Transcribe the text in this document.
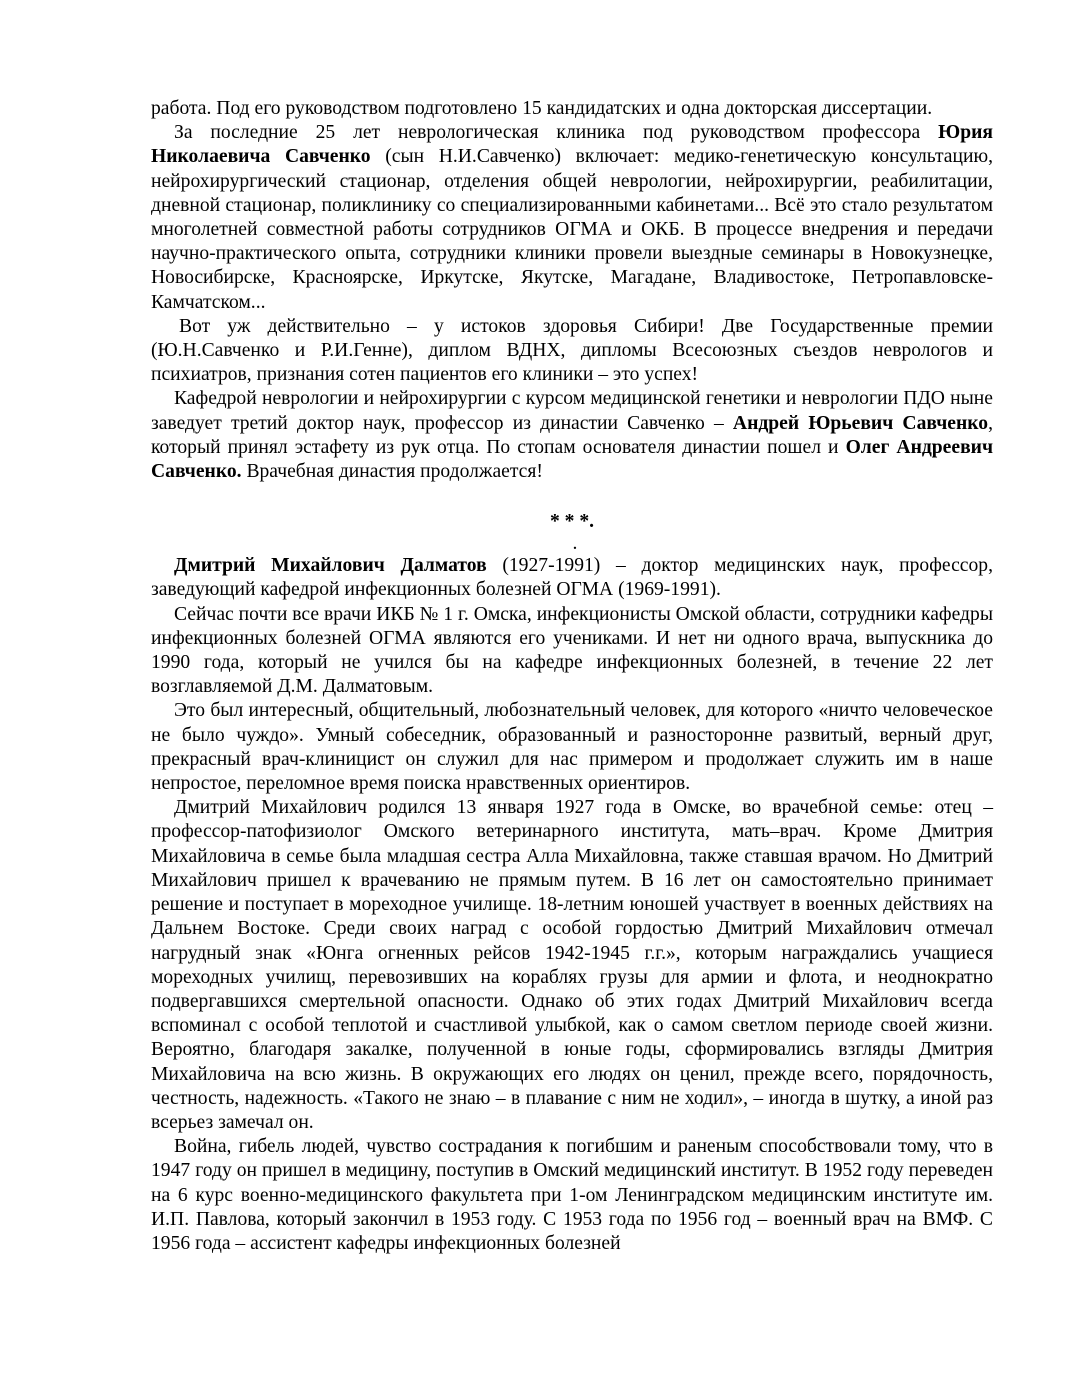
работа. Под его руководством подготовлено 15 кандидатских и одна докторская диссертации.

За последние 25 лет неврологическая клиника под руководством профессора Юрия Николаевича Савченко (сын Н.И.Савченко) включает: медико-генетическую консультацию, нейрохирургический стационар, отделения общей неврологии, нейрохирургии, реабилитации, дневной стационар, поликлинику со специализированными кабинетами... Всё это стало результатом многолетней совместной работы сотрудников ОГМА и ОКБ. В процессе внедрения и передачи научно-практического опыта, сотрудники клиники провели выездные семинары в Новокузнецке, Новосибирске, Красноярске, Иркутске, Якутске, Магадане, Владивостоке, Петропавловске-Камчатском...

Вот уж действительно – у истоков здоровья Сибири! Две Государственные премии (Ю.Н.Савченко и Р.И.Генне), диплом ВДНХ, дипломы Всесоюзных съездов неврологов и психиатров, признания сотен пациентов его клиники – это успех!

Кафедрой неврологии и нейрохирургии с курсом медицинской генетики и неврологии ПДО ныне заведует третий доктор наук, профессор из династии Савченко – Андрей Юрьевич Савченко, который принял эстафету из рук отца. По стопам основателя династии пошел и Олег Андреевич Савченко. Врачебная династия продолжается!

* * *.
.

Дмитрий Михайлович Далматов (1927-1991) – доктор медицинских наук, профессор, заведующий кафедрой инфекционных болезней ОГМА (1969-1991).

Сейчас почти все врачи ИКБ № 1 г. Омска, инфекционисты Омской области, сотрудники кафедры инфекционных болезней ОГМА являются его учениками. И нет ни одного врача, выпускника до 1990 года, который не учился бы на кафедре инфекционных болезней, в течение 22 лет возглавляемой Д.М. Далматовым.

Это был интересный, общительный, любознательный человек, для которого «ничто человеческое не было чуждо». Умный собеседник, образованный и разносторонне развитый, верный друг, прекрасный врач-клиницист он служил для нас примером и продолжает служить им в наше непростое, переломное время поиска нравственных ориентиров.

Дмитрий Михайлович родился 13 января 1927 года в Омске, во врачебной семье: отец – профессор-патофизиолог Омского ветеринарного института, мать–врач. Кроме Дмитрия Михайловича в семье была младшая сестра Алла Михайловна, также ставшая врачом. Но Дмитрий Михайлович пришел к врачеванию не прямым путем. В 16 лет он самостоятельно принимает решение и поступает в мореходное училище. 18-летним юношей участвует в военных действиях на Дальнем Востоке. Среди своих наград с особой гордостью Дмитрий Михайлович отмечал нагрудный знак «Юнга огненных рейсов 1942-1945 г.г.», которым награждались учащиеся мореходных училищ, перевозивших на кораблях грузы для армии и флота, и неоднократно подвергавшихся смертельной опасности. Однако об этих годах Дмитрий Михайлович всегда вспоминал с особой теплотой и счастливой улыбкой, как о самом светлом периоде своей жизни. Вероятно, благодаря закалке, полученной в юные годы, сформировались взгляды Дмитрия Михайловича на всю жизнь. В окружающих его людях он ценил, прежде всего, порядочность, честность, надежность. «Такого не знаю – в плавание с ним не ходил», – иногда в шутку, а иной раз всерьез замечал он.

Война, гибель людей, чувство сострадания к погибшим и раненым способствовали тому, что в 1947 году он пришел в медицину, поступив в Омский медицинский институт. В 1952 году переведен на 6 курс военно-медицинского факультета при 1-ом Ленинградском медицинским институте им. И.П. Павлова, который закончил в 1953 году. С 1953 года по 1956 год – военный врач на ВМФ. С 1956 года – ассистент кафедры инфекционных болезней
